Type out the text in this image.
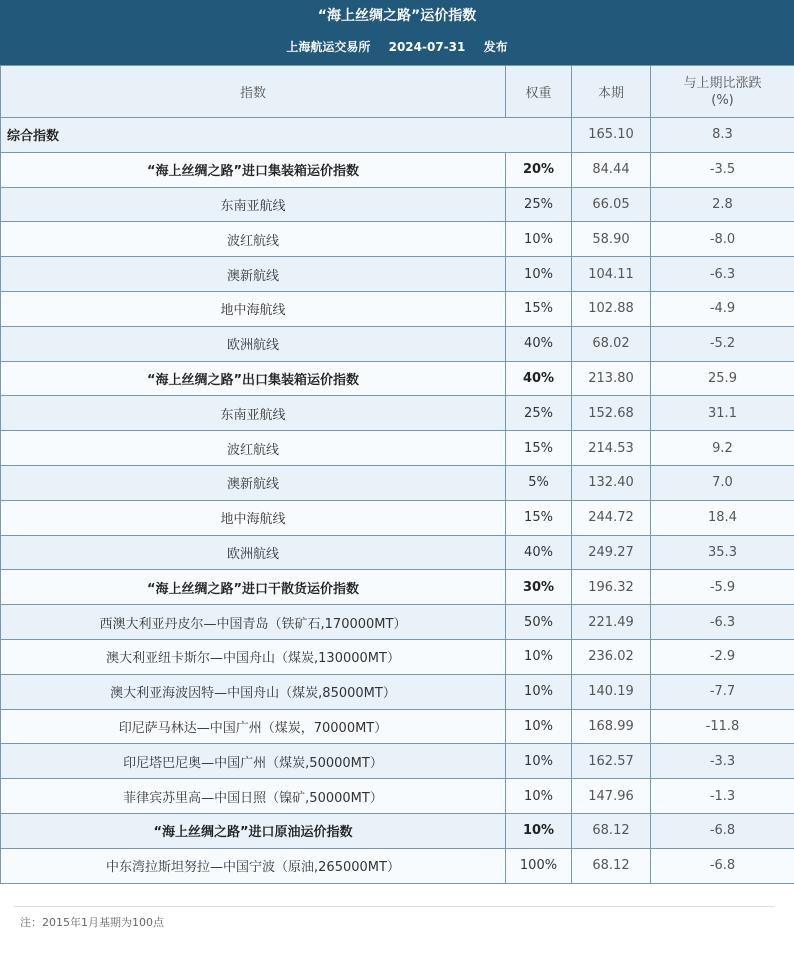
“海上丝绸之路”运价指数
上海航运交易所 2024-07-31 发布
指数	权重	本期	与上期比涨跌
(%)
综合指数		165.10	8.3
“海上丝绸之路”进口集装箱运价指数	20%	84.44	-3.5
东南亚航线	25%	66.05	2.8
波红航线	10%	58.90	-8.0
澳新航线	10%	104.11	-6.3
地中海航线	15%	102.88	-4.9
欧洲航线	40%	68.02	-5.2
“海上丝绸之路”出口集装箱运价指数	40%	213.80	25.9
东南亚航线	25%	152.68	31.1
波红航线	15%	214.53	9.2
澳新航线	5%	132.40	7.0
地中海航线	15%	244.72	18.4
欧洲航线	40%	249.27	35.3
“海上丝绸之路”进口干散货运价指数	30%	196.32	-5.9
西澳大利亚丹皮尔—中国青岛（铁矿石,170000MT）	50%	221.49	-6.3
澳大利亚纽卡斯尔—中国舟山（煤炭,130000MT）	10%	236.02	-2.9
澳大利亚海波因特—中国舟山（煤炭,85000MT）	10%	140.19	-7.7
印尼萨马林达—中国广州（煤炭，70000MT）	10%	168.99	-11.8
印尼塔巴尼奥—中国广州（煤炭,50000MT）	10%	162.57	-3.3
菲律宾苏里高—中国日照（镍矿,50000MT）	10%	147.96	-1.3
“海上丝绸之路”进口原油运价指数	10%	68.12	-6.8
中东湾拉斯坦努拉—中国宁波（原油,265000MT）	100%	68.12	-6.8
注：2015年1月基期为100点
